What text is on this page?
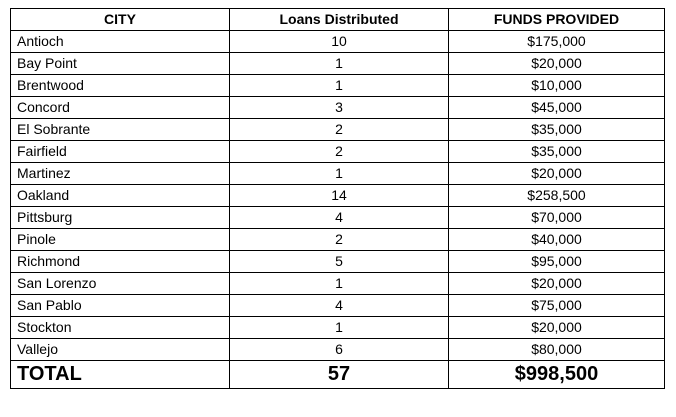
CITY	Loans Distributed	FUNDS PROVIDED
Antioch	10	$175,000
Bay Point	1	$20,000
Brentwood	1	$10,000
Concord	3	$45,000
El Sobrante	2	$35,000
Fairfield	2	$35,000
Martinez	1	$20,000
Oakland	14	$258,500
Pittsburg	4	$70,000
Pinole	2	$40,000
Richmond	5	$95,000
San Lorenzo	1	$20,000
San Pablo	4	$75,000
Stockton	1	$20,000
Vallejo	6	$80,000
TOTAL	57	$998,500
